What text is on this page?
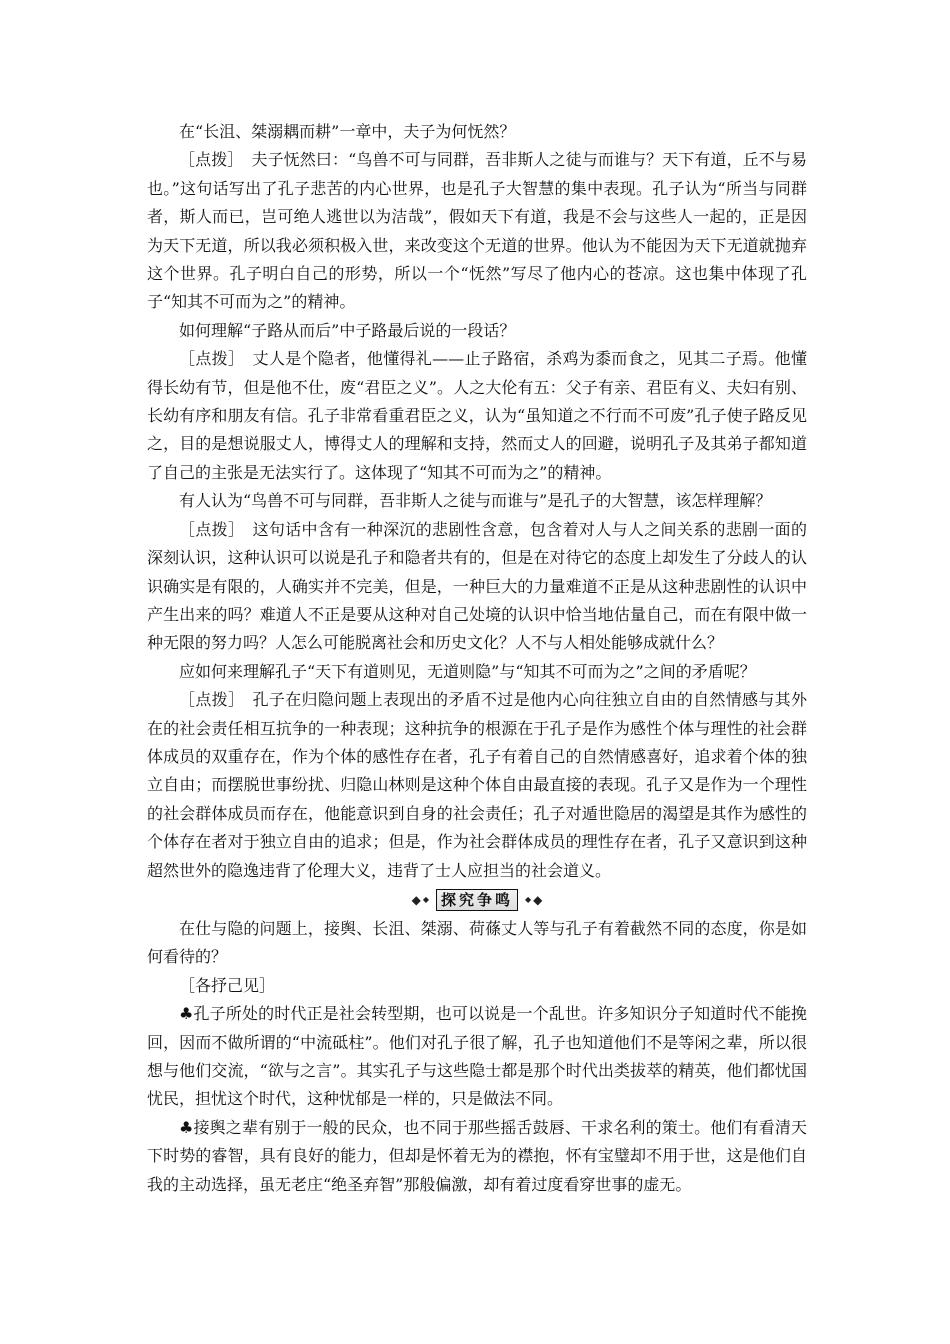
在“长沮、桀溺耦而耕”一章中，夫子为何怃然？

［点拨］　夫子怃然曰：“鸟兽不可与同群，吾非斯人之徒与而谁与？天下有道，丘不与易也。”这句话写出了孔子悲苦的内心世界，也是孔子大智慧的集中表现。孔子认为“所当与同群者，斯人而已，岂可绝人逃世以为洁哉”，假如天下有道，我是不会与这些人一起的，正是因为天下无道，所以我必须积极入世，来改变这个无道的世界。他认为不能因为天下无道就抛弃这个世界。孔子明白自己的形势，所以一个“怃然”写尽了他内心的苍凉。这也集中体现了孔子“知其不可而为之”的精神。

如何理解“子路从而后”中子路最后说的一段话？

［点拨］　丈人是个隐者，他懂得礼——止子路宿，杀鸡为黍而食之，见其二子焉。他懂得长幼有节，但是他不仕，废“君臣之义”。人之大伦有五：父子有亲、君臣有义、夫妇有别、长幼有序和朋友有信。孔子非常看重君臣之义，认为“虽知道之不行而不可废”孔子使子路反见之，目的是想说服丈人，博得丈人的理解和支持，然而丈人的回避，说明孔子及其弟子都知道了自己的主张是无法实行了。这体现了“知其不可而为之”的精神。

有人认为“鸟兽不可与同群，吾非斯人之徒与而谁与”是孔子的大智慧，该怎样理解？

［点拨］　这句话中含有一种深沉的悲剧性含意，包含着对人与人之间关系的悲剧一面的深刻认识，这种认识可以说是孔子和隐者共有的，但是在对待它的态度上却发生了分歧人的认识确实是有限的，人确实并不完美，但是，一种巨大的力量难道不正是从这种悲剧性的认识中产生出来的吗？难道人不正是要从这种对自己处境的认识中恰当地估量自己，而在有限中做一种无限的努力吗？人怎么可能脱离社会和历史文化？人不与人相处能够成就什么？

应如何来理解孔子“天下有道则见，无道则隐”与“知其不可而为之”之间的矛盾呢？

［点拨］　孔子在归隐问题上表现出的矛盾不过是他内心向往独立自由的自然情感与其外在的社会责任相互抗争的一种表现；这种抗争的根源在于孔子是作为感性个体与理性的社会群体成员的双重存在，作为个体的感性存在者，孔子有着自己的自然情感喜好，追求着个体的独立自由；而摆脱世事纷扰、归隐山林则是这种个体自由最直接的表现。孔子又是作为一个理性的社会群体成员而存在，他能意识到自身的社会责任；孔子对遁世隐居的渴望是其作为感性的个体存在者对于独立自由的追求；但是，作为社会群体成员的理性存在者，孔子又意识到这种超然世外的隐逸违背了伦理大义，违背了士人应担当的社会道义。

◆ ◆ 探究争鸣	◆ ◆

在仕与隐的问题上，接舆、长沮、桀溺、荷蓧丈人等与孔子有着截然不同的态度，你是如何看待的？

［各抒己见］

♣孔子所处的时代正是社会转型期，也可以说是一个乱世。许多知识分子知道时代不能挽回，因而不做所谓的“中流砥柱”。他们对孔子很了解，孔子也知道他们不是等闲之辈，所以很想与他们交流，“欲与之言”。其实孔子与这些隐士都是那个时代出类拔萃的精英，他们都忧国忧民，担忧这个时代，这种忧郁是一样的，只是做法不同。

♣接舆之辈有别于一般的民众，也不同于那些摇舌鼓唇、干求名利的策士。他们有看清天下时势的睿智，具有良好的能力，但却是怀着无为的襟抱，怀有宝璧却不用于世，这是他们自我的主动选择，虽无老庄“绝圣弃智”那般偏激，却有着过度看穿世事的虚无。
